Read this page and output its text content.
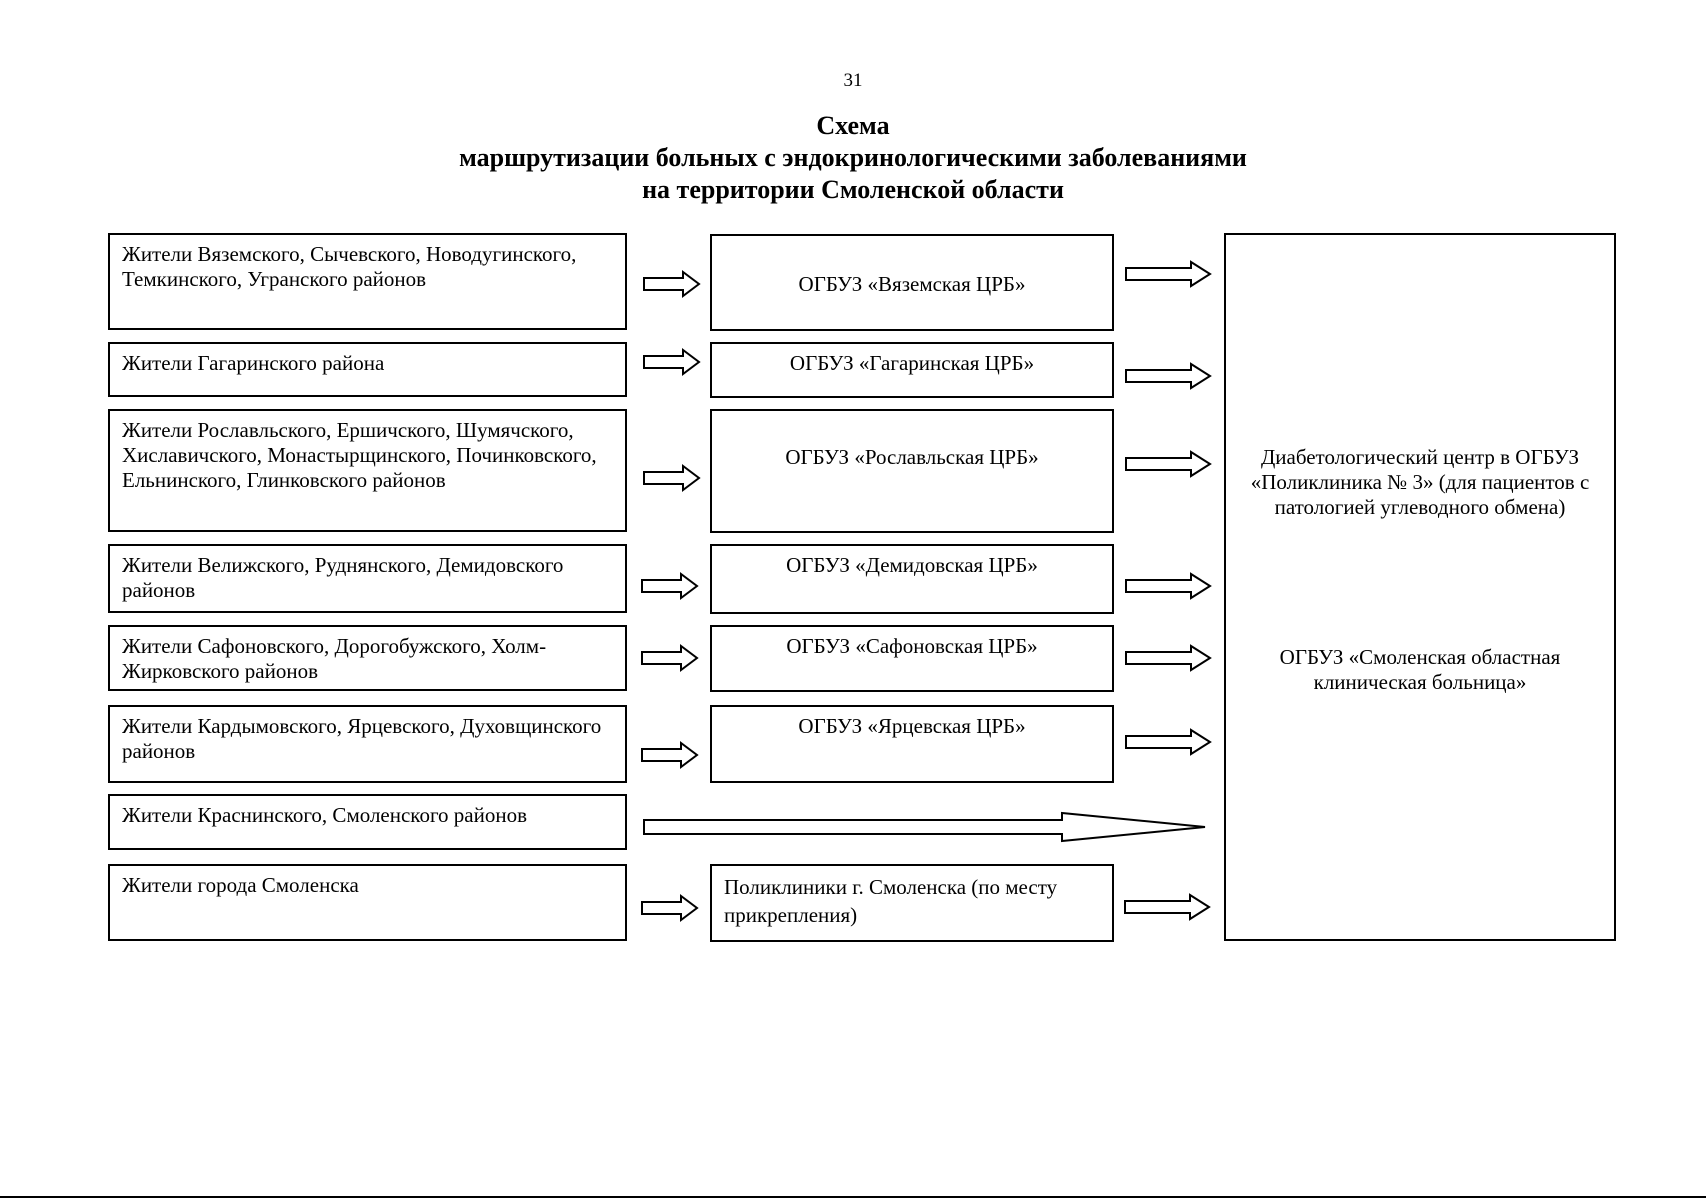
31
Схема
маршрутизации больных с эндокринологическими заболеваниями
на территории Смоленской области
Жители Вяземского, Сычевского, Новодугинского, Темкинского, Угранского районов
Жители Гагаринского района
Жители Рославльского, Ершичского, Шумячского, Хиславичского, Монастырщинского, Починковского, Ельнинского, Глинковского районов
Жители Велижского, Руднянского, Демидовского районов
Жители Сафоновского, Дорогобужского, Холм-Жирковского районов
Жители Кардымовского, Ярцевского, Духовщинского районов
Жители Краснинского, Смоленского районов
Жители города Смоленска
ОГБУЗ «Вяземская ЦРБ»
ОГБУЗ «Гагаринская ЦРБ»
ОГБУЗ «Рославльская ЦРБ»
ОГБУЗ «Демидовская ЦРБ»
ОГБУЗ «Сафоновская ЦРБ»
ОГБУЗ «Ярцевская ЦРБ»
Поликлиники г. Смоленска (по месту прикрепления)
Диабетологический центр в ОГБУЗ «Поликлиника № 3» (для пациентов с патологией углеводного обмена)
ОГБУЗ «Смоленская областная клиническая больница»
